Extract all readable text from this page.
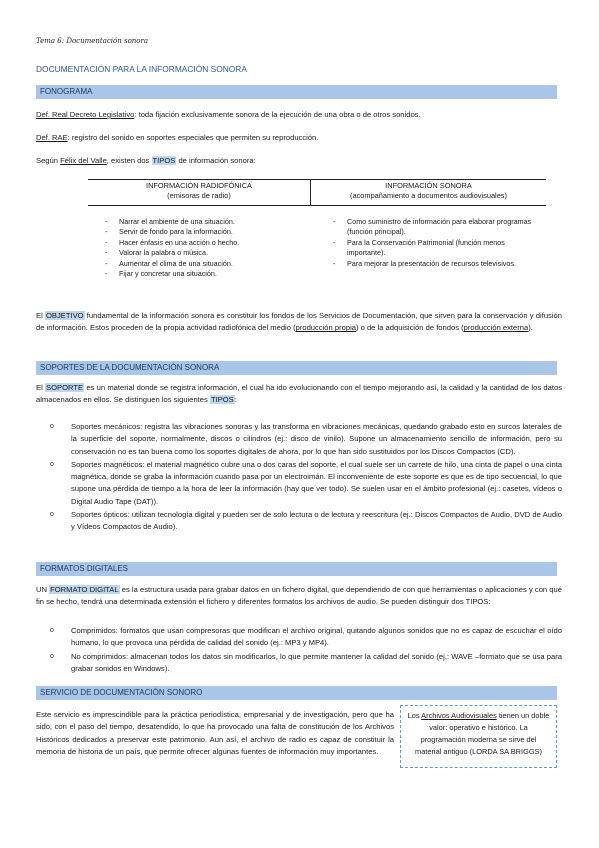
Tema 6: Documentación sonora
DOCUMENTACIÓN PARA LA INFORMACIÓN SONORA
FONOGRAMA
Def. Real Decreto Legislativo: toda fijación exclusivamente sonora de la ejecución de una obra o de otros sonidos.
Def. RAE: registro del sonido en soportes especiales que permiten su reproducción.
Según Félix del Valle, existen dos TIPOS de información sonora:
INFORMACIÓN RADIOFÓNICA
(emisoras de radio)
INFORMACIÓN SONORA
(acompañamiento a documentos audiovisuales)
- Narrar el ambiente de una situación.
- Servir de fondo para la información.
- Hacer énfasis en una acción o hecho.
- Valorar la palabra o música.
- Aumentar el clima de una situación.
- Fijar y concretar una situación.
- Como suministro de información para elaborar programas (función principal).
- Para la Conservación Patrimonial (función menos importante).
- Para mejorar la presentación de recursos televisivos.
El OBJETIVO fundamental de la información sonora es constituir los fondos de los Servicios de Documentación, que sirven para la conservación y difusión de información. Estos proceden de la propia actividad radiofónica del medio (producción propia) o de la adquisición de fondos (producción externa).
SOPORTES DE LA DOCUMENTACIÓN SONORA
El SOPORTE es un material donde se registra información, el cual ha ido evolucionando con el tiempo mejorando así, la calidad y la cantidad de los datos almacenados en ellos. Se distinguen los siguientes TIPOS:
o Soportes mecánicos: registra las vibraciones sonoras y las transforma en vibraciones mecánicas, quedando grabado esto en surcos laterales de la superficie del soporte, normalmente, discos o cilindros (ej.: disco de vinilo). Supone un almacenamiento sencillo de información, pero su conservación no es tan buena como los soportes digitales de ahora, por lo que han sido sustituidos por los Discos Compactos (CD).
o Soportes magnéticos: el material magnético cubre una o dos caras del soporte, el cual suele ser un carrete de hilo, una cinta de papel o una cinta magnética, donde se graba la información cuando pasa por un electroimán. El inconveniente de este soporte es que es de tipo secuencial, lo que supone una pérdida de tiempo a la hora de leer la información (hay que ver todo). Se suelen usar en el ámbito profesional (ej.: casetes, vídeos o Digital Audio Tape (DAT)).
o Soportes ópticos: utilizan tecnología digital y pueden ser de solo lectura o de lectura y reescritura (ej.: Discos Compactos de Audio, DVD de Audio y Vídeos Compactos de Audio).
FORMATOS DIGITALES
UN FORMATO DIGITAL es la estructura usada para grabar datos en un fichero digital, que dependiendo de con qué herramientas o aplicaciones y con qué fin se hecho, tendrá una determinada extensión el fichero y diferentes formatos los archivos de audio. Se pueden distinguir dos TIPOS:
o Comprimidos: formatos que usan compresoras que modifican el archivo original, quitando algunos sonidos que no es capaz de escuchar el oído humano, lo que provoca una pérdida de calidad del sonido (ej.: MP3 y MP4).
o No comprimidos: almacenan todos los datos sin modificarlos, lo que permite mantener la calidad del sonido (ej.: WAVE –formato que se usa para grabar sonidos en Windows).
SERVICIO DE DOCUMENTACIÓN SONORO
Este servicio es imprescindible para la práctica periodística, empresarial y de investigación, pero que ha sido, con el paso del tiempo, desatendido, lo que ha provocado una falta de constitución de los Archivos Históricos dedicados a preservar este patrimonio. Aun así, el archivo de radio es capaz de constituir la memoria de historia de un país, que permite ofrecer algunas fuentes de información muy importantes.
Los Archivos Audiovisuales tienen un doble valor: operativo e histórico. La programación moderna se sirve del material antiguo (LORDA SA BRIGGS)
